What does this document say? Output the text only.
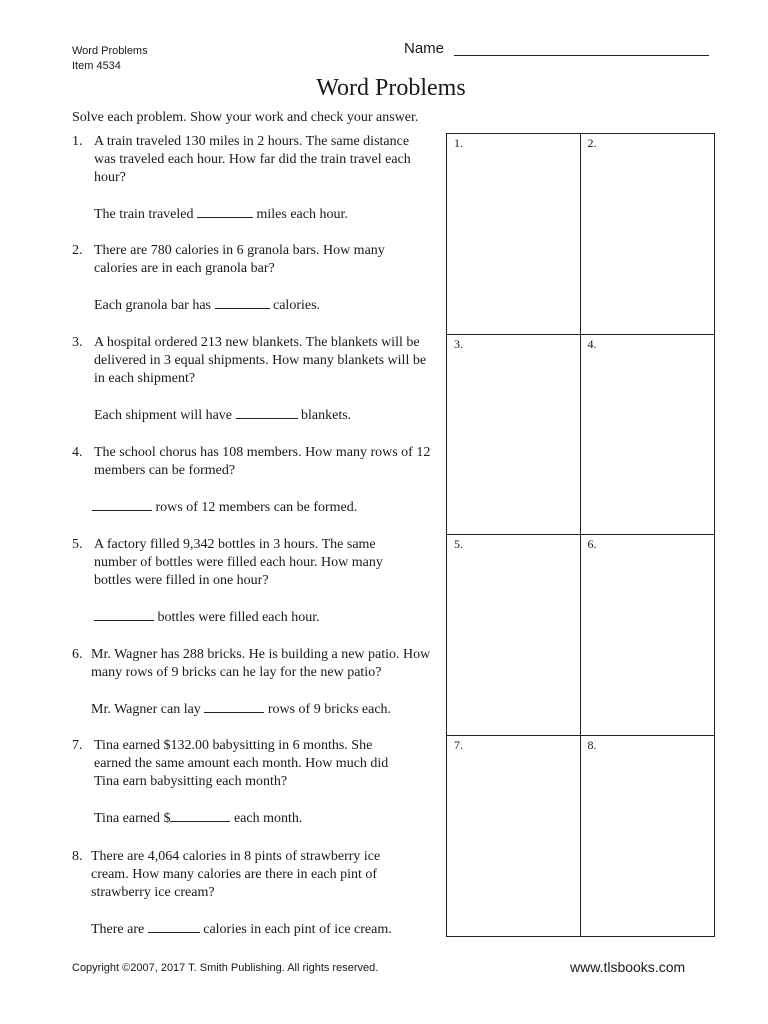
Word Problems
Item 4534
Name
Word Problems
Solve each problem. Show your work and check your answer.
1. A train traveled 130 miles in 2 hours. The same distance was traveled each hour. How far did the train travel each hour?
The train traveled	miles each hour.
2. There are 780 calories in 6 granola bars. How many calories are in each granola bar?
Each granola bar has	calories.
3. A hospital ordered 213 new blankets. The blankets will be delivered in 3 equal shipments. How many blankets will be in each shipment?
Each shipment will have	blankets.
4. The school chorus has 108 members. How many rows of 12 members can be formed?
rows of 12 members can be formed.
5. A factory filled 9,342 bottles in 3 hours. The same number of bottles were filled each hour. How many bottles were filled in one hour?
bottles were filled each hour.
6. Mr. Wagner has 288 bricks. He is building a new patio. How many rows of 9 bricks can he lay for the new patio?
Mr. Wagner can lay	rows of 9 bricks each.
7. Tina earned $132.00 babysitting in 6 months. She earned the same amount each month. How much did Tina earn babysitting each month?
Tina earned $	each month.
8. There are 4,064 calories in 8 pints of strawberry ice cream. How many calories are there in each pint of strawberry ice cream?
There are	calories in each pint of ice cream.
1.	2.
3.	4.
5.	6.
7.	8.
Copyright ©2007, 2017 T. Smith Publishing. All rights reserved.	www.tlsbooks.com
